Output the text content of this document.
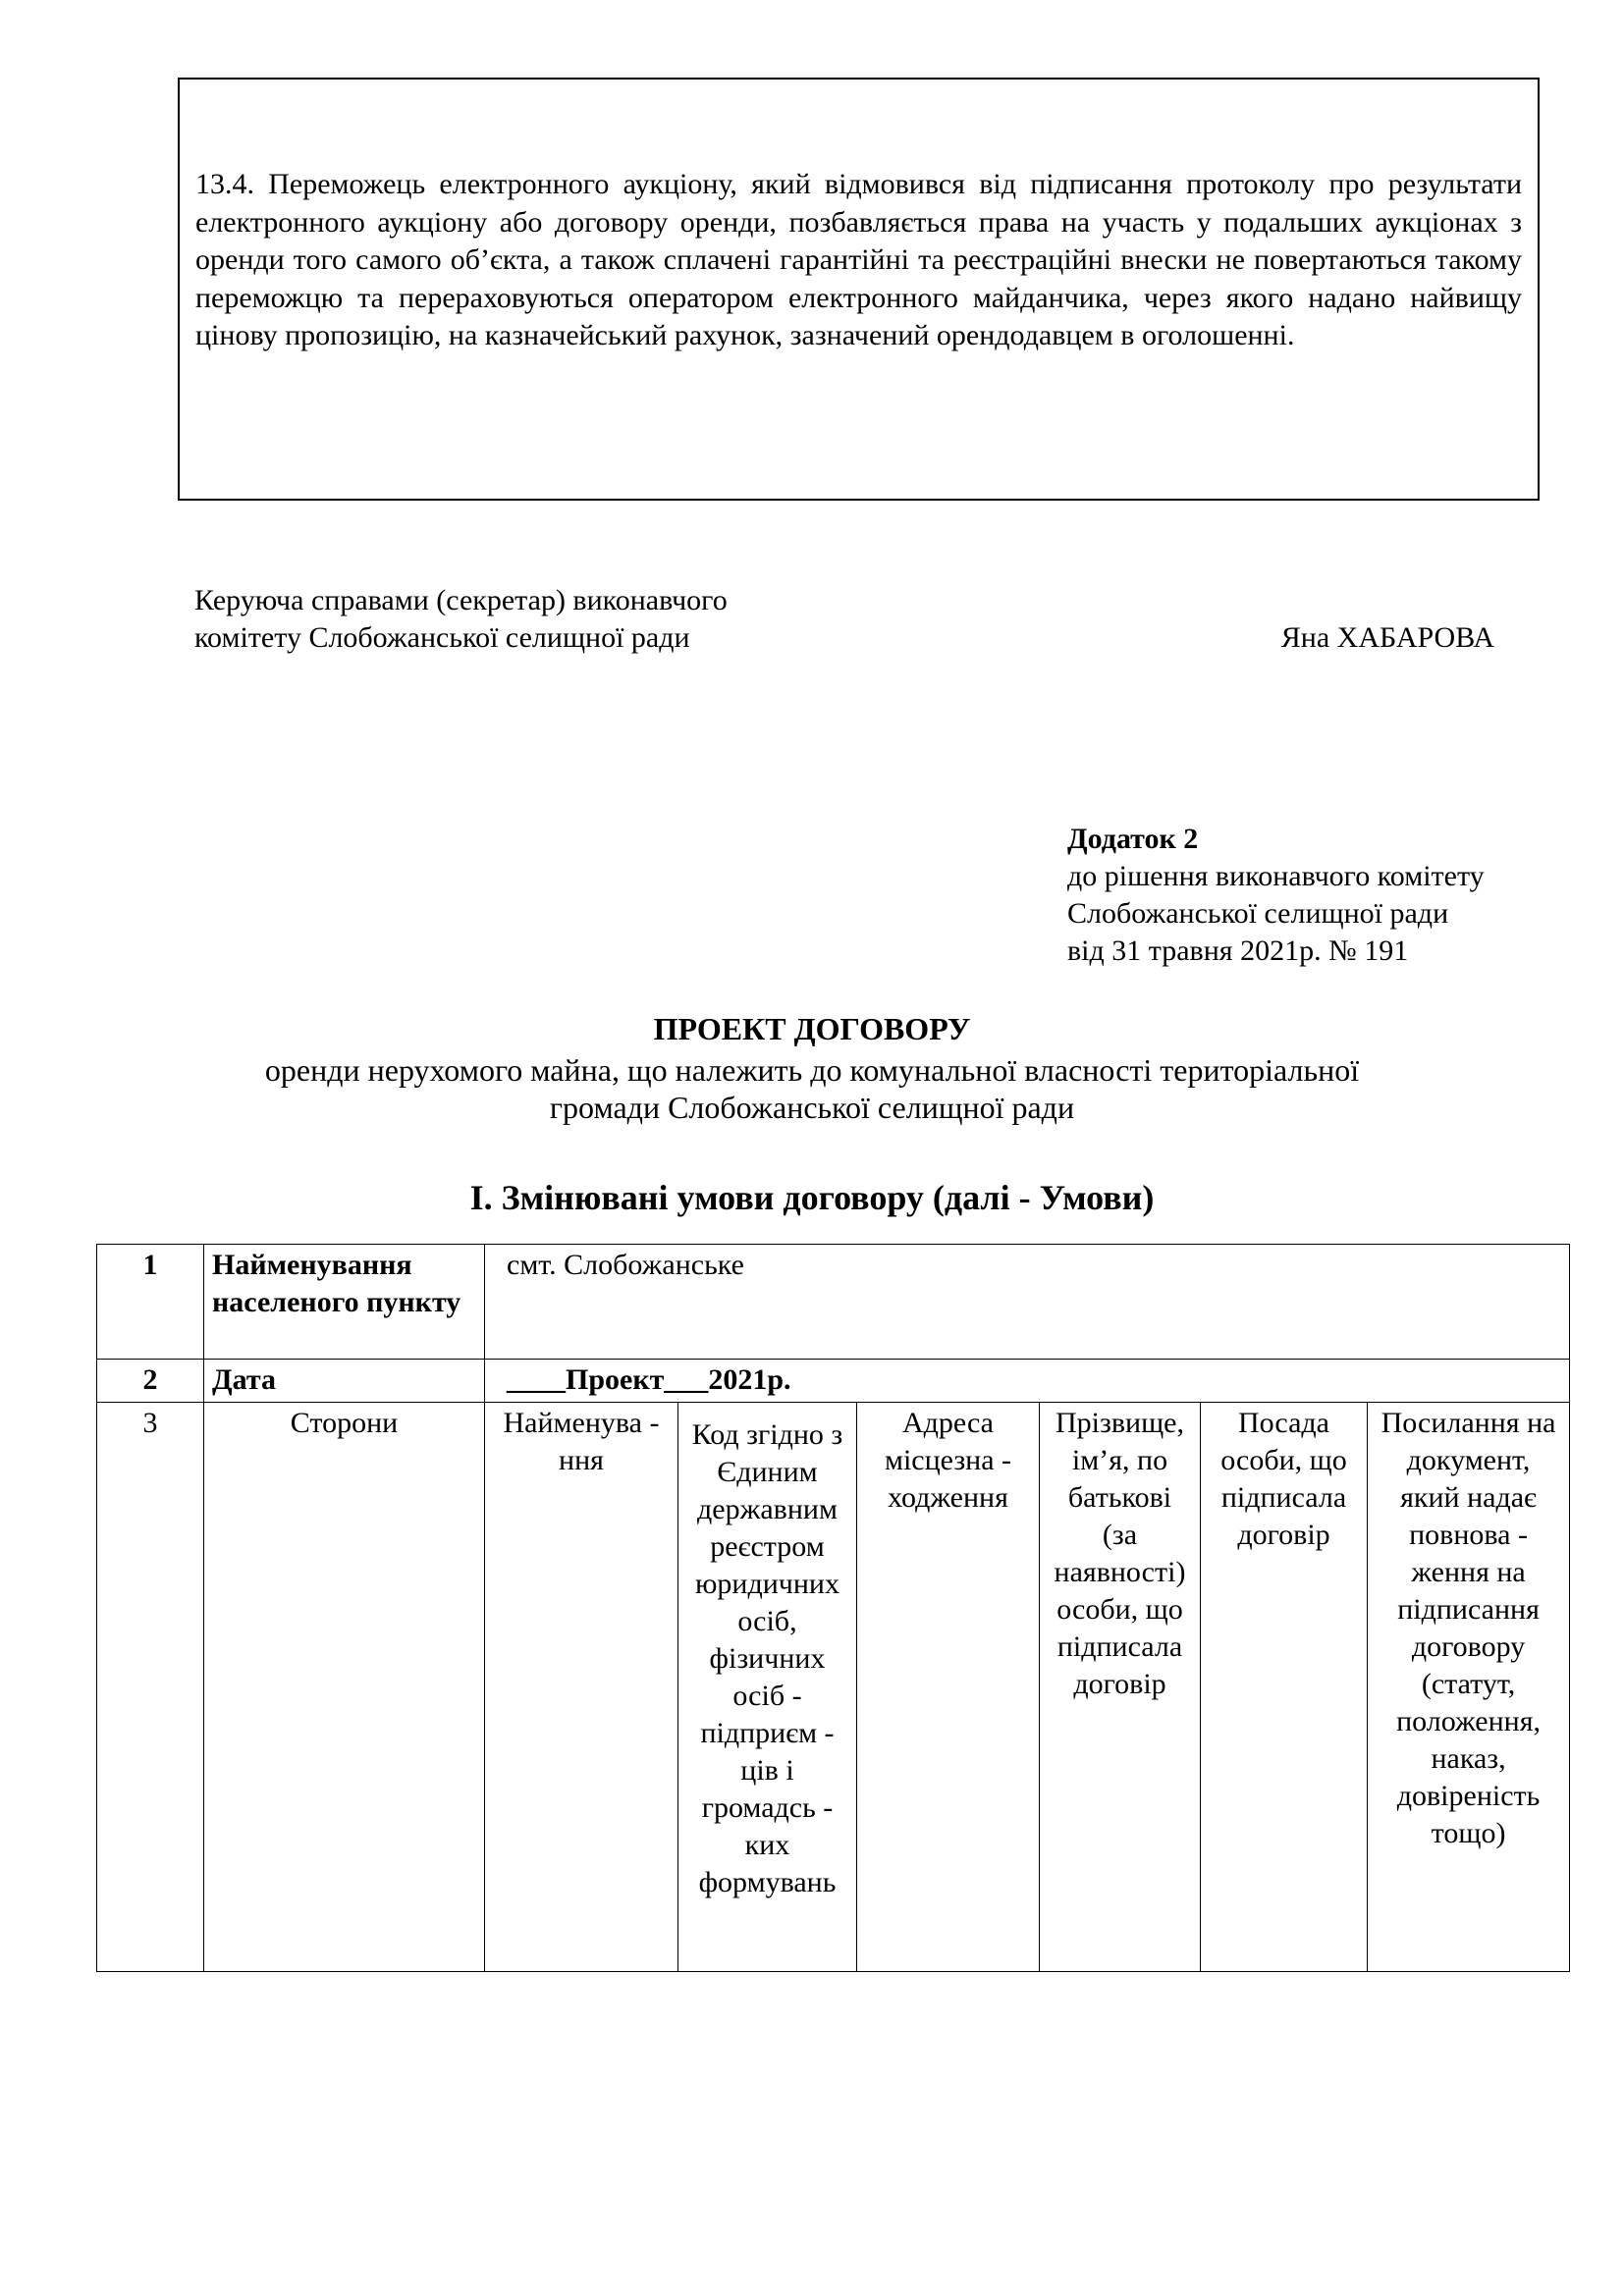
13.4. Переможець електронного аукціону, який відмовився від підписання протоколу про результати електронного аукціону або договору оренди, позбавляється права на участь у подальших аукціонах з оренди того самого об’єкта, а також сплачені гарантійні та реєстраційні внески не повертаються такому переможцю та перераховуються оператором електронного майданчика, через якого надано найвищу цінову пропозицію, на казначейський рахунок, зазначений орендодавцем в оголошенні.

Керуюча справами (секретар) виконавчого
комітету Слобожанської селищної ради	Яна ХАБАРОВА
Додаток 2
до рішення виконавчого комітету
Слобожанської селищної ради
від 31 травня 2021р. № 191
ПРОЕКТ ДОГОВОРУ
оренди нерухомого майна, що належить до комунальної власності територіальної
громади Слобожанської селищної ради
І. Змінювані умови договору (далі - Умови)
1	Найменування населеного пункту	смт. Слобожанське					
2	Дата	____Проект___2021р.					
3	Сторони	Найменува - ння	Код згідно з Єдиним державним реєстром юридичних осіб, фізичних осіб - підприєм - ців і громадсь - ких формувань	Адреса місцезна - ходження	Прізвище, ім’я, по батькові (за наявності) особи, що підписала договір	Посада особи, що підписала договір	Посилання на документ, який надає повнова - ження на підписання договору (статут, положення, наказ, довіреність тощо)
